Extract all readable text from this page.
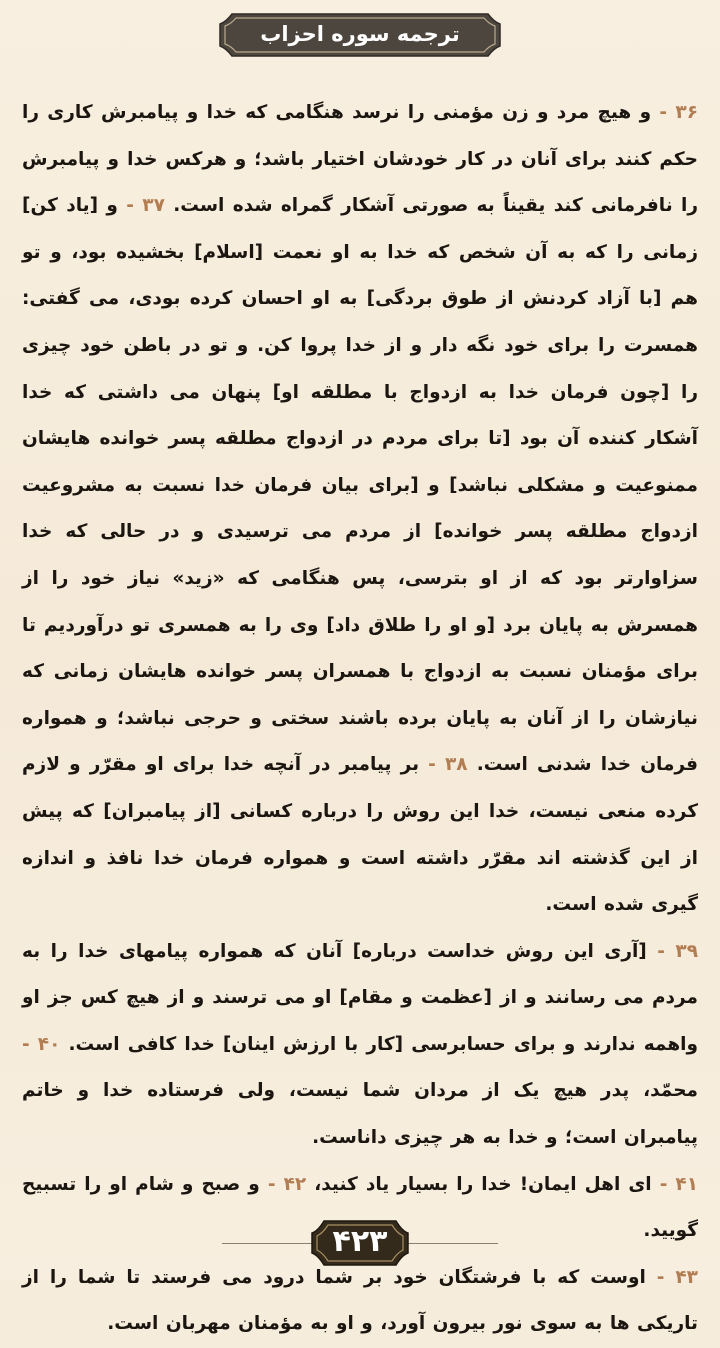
ترجمه سوره احزاب
۳۶ - و هیچ مرد و زن مؤمنی را نرسد هنگامی که خدا و پیامبرش کاری را حکم کنند برای آنان در کار خودشان اختیار باشد؛ و هرکس خدا و پیامبرش را نافرمانی کند یقیناً به صورتی آشکار گمراه شده است. ۳۷ - و [یاد کن] زمانی را که به آن شخص که خدا به او نعمت [اسلام] بخشیده بود، و تو هم [با آزاد کردنش از طوق بردگی] به او احسان کرده بودی، می گفتی: همسرت را برای خود نگه دار و از خدا پروا کن. و تو در باطن خود چیزی را [چون فرمان خدا به ازدواج با مطلقه او] پنهان می داشتی که خدا آشکار کننده آن بود [تا برای مردم در ازدواج مطلقه پسر خوانده هایشان ممنوعیت و مشکلی نباشد] و [برای بیان فرمان خدا نسبت به مشروعیت ازدواج مطلقه پسر خوانده] از مردم می ترسیدی و در حالی که خدا سزاوارتر بود که از او بترسی، پس هنگامی که «زید» نیاز خود را از همسرش به پایان برد [و او را طلاق داد] وی را به همسری تو درآوردیم تا برای مؤمنان نسبت به ازدواج با همسران پسر خوانده هایشان زمانی که نیازشان را از آنان به پایان برده باشند سختی و حرجی نباشد؛ و همواره فرمان خدا شدنی است. ۳۸ - بر پیامبر در آنچه خدا برای او مقرّر و لازم کرده منعی نیست، خدا این روش را درباره کسانی [از پیامبران] که پیش از این گذشته اند مقرّر داشته است و همواره فرمان خدا نافذ و اندازه گیری شده است.
۳۹ - [آری این روش خداست درباره] آنان که همواره پیامهای خدا را به مردم می رسانند و از [عظمت و مقام] او می ترسند و از هیچ کس جز او واهمه ندارند و برای حسابرسی [کار با ارزش اینان] خدا کافی است. ۴۰ - محمّد، پدر هیچ یک از مردان شما نیست، ولی فرستاده خدا و خاتم پیامبران است؛ و خدا به هر چیزی داناست.
۴۱ - ای اهل ایمان! خدا را بسیار یاد کنید، ۴۲ - و صبح و شام او را تسبیح گویید.
۴۳ - اوست که با فرشتگان خود بر شما درود می فرستد تا شما را از تاریکی ها به سوی نور بیرون آورد، و او به مؤمنان مهربان است.
۴۲۳
